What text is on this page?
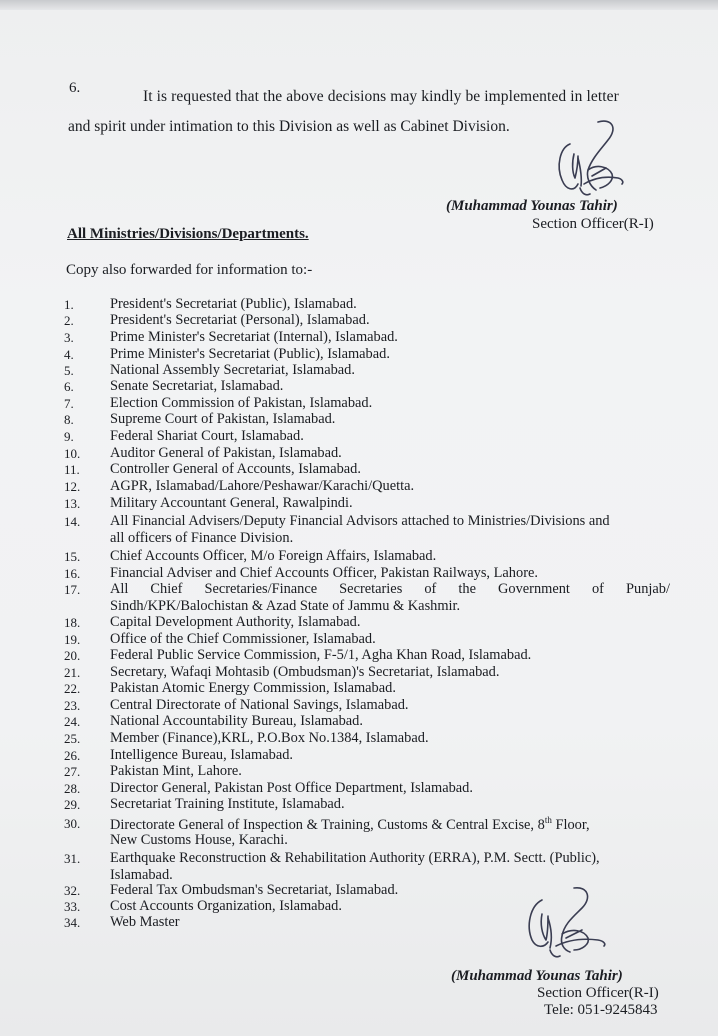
6.	It is requested that the above decisions may kindly be implemented in letter
and spirit under intimation to this Division as well as Cabinet Division.
(Muhammad Younas Tahir)
Section Officer(R-I)
All Ministries/Divisions/Departments.
Copy also forwarded for information to:-
1.	President's Secretariat (Public), Islamabad.
2.	President's Secretariat (Personal), Islamabad.
3.	Prime Minister's Secretariat (Internal), Islamabad.
4.	Prime Minister's Secretariat (Public), Islamabad.
5.	National Assembly Secretariat, Islamabad.
6.	Senate Secretariat, Islamabad.
7.	Election Commission of Pakistan, Islamabad.
8.	Supreme Court of Pakistan, Islamabad.
9.	Federal Shariat Court, Islamabad.
10. Auditor General of Pakistan, Islamabad.
11. Controller General of Accounts, Islamabad.
12. AGPR, Islamabad/Lahore/Peshawar/Karachi/Quetta.
13. Military Accountant General, Rawalpindi.
14. All Financial Advisers/Deputy Financial Advisors attached to Ministries/Divisions and
all officers of Finance Division.
15. Chief Accounts Officer, M/o Foreign Affairs, Islamabad.
16. Financial Adviser and Chief Accounts Officer, Pakistan Railways, Lahore.
17. All Chief Secretaries/Finance Secretaries of the Government of Punjab/
Sindh/KPK/Balochistan & Azad State of Jammu & Kashmir.
18. Capital Development Authority, Islamabad.
19. Office of the Chief Commissioner, Islamabad.
20. Federal Public Service Commission, F-5/1, Agha Khan Road, Islamabad.
21. Secretary, Wafaqi Mohtasib (Ombudsman)'s Secretariat, Islamabad.
22. Pakistan Atomic Energy Commission, Islamabad.
23. Central Directorate of National Savings, Islamabad.
24. National Accountability Bureau, Islamabad.
25. Member (Finance),KRL, P.O.Box No.1384, Islamabad.
26. Intelligence Bureau, Islamabad.
27. Pakistan Mint, Lahore.
28. Director General, Pakistan Post Office Department, Islamabad.
29. Secretariat Training Institute, Islamabad.
30. Directorate General of Inspection & Training, Customs & Central Excise, 8th Floor,
New Customs House, Karachi.
31. Earthquake Reconstruction & Rehabilitation Authority (ERRA), P.M. Sectt. (Public),
Islamabad.
32. Federal Tax Ombudsman's Secretariat, Islamabad.
33. Cost Accounts Organization, Islamabad.
34. Web Master
(Muhammad Younas Tahir)
Section Officer(R-I)
Tele: 051-9245843
